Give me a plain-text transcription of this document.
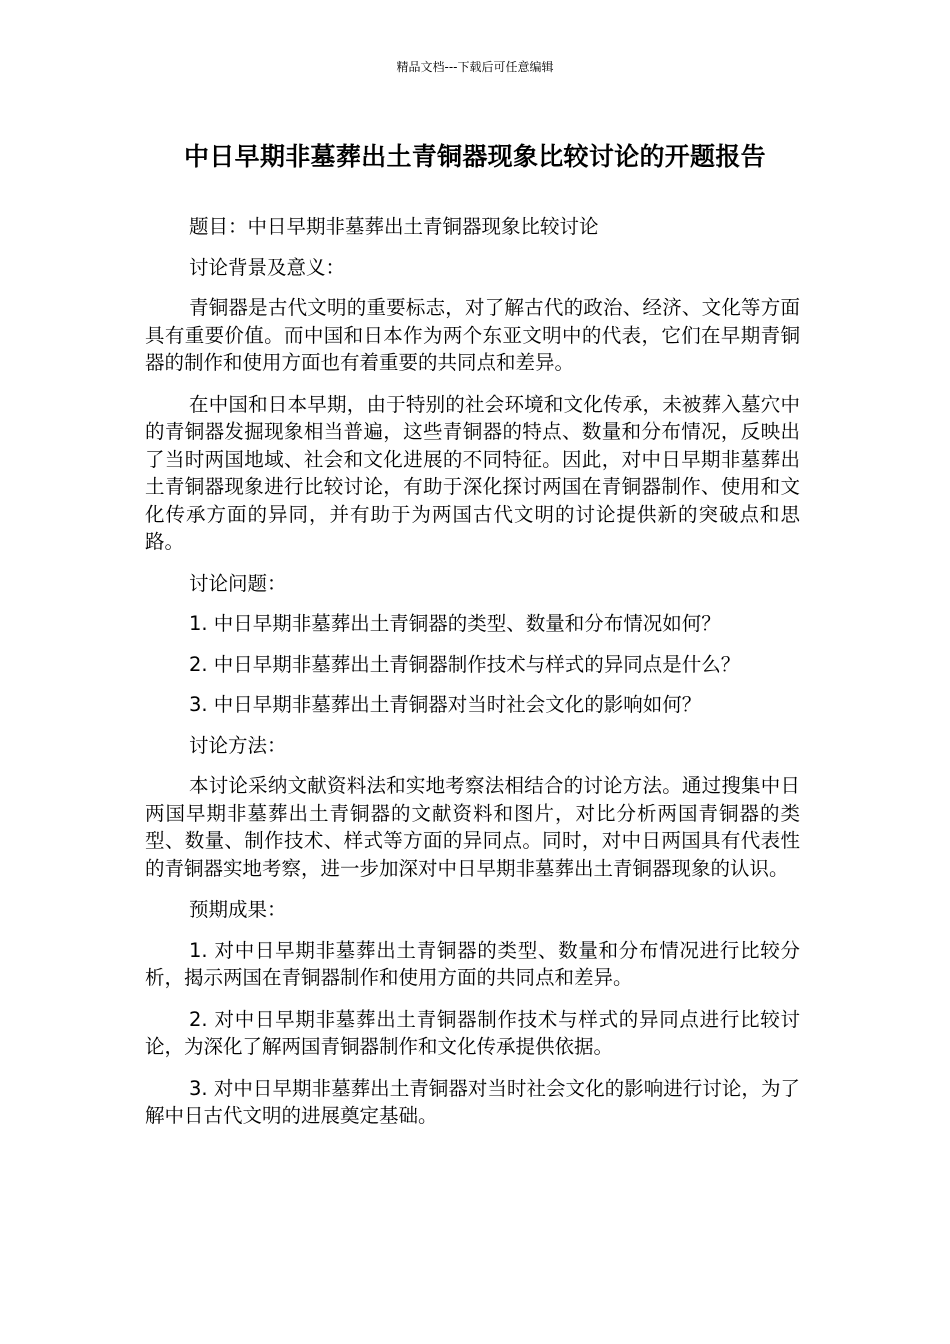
精品文档---下载后可任意编辑
中日早期非墓葬出土青铜器现象比较讨论的开题报告

题目：中日早期非墓葬出土青铜器现象比较讨论

讨论背景及意义：

青铜器是古代文明的重要标志，对了解古代的政治、经济、文化等方面具有重要价值。而中国和日本作为两个东亚文明中的代表，它们在早期青铜器的制作和使用方面也有着重要的共同点和差异。

在中国和日本早期，由于特别的社会环境和文化传承，未被葬入墓穴中的青铜器发掘现象相当普遍，这些青铜器的特点、数量和分布情况，反映出了当时两国地域、社会和文化进展的不同特征。因此，对中日早期非墓葬出土青铜器现象进行比较讨论，有助于深化探讨两国在青铜器制作、使用和文化传承方面的异同，并有助于为两国古代文明的讨论提供新的突破点和思路。

讨论问题：

1. 中日早期非墓葬出土青铜器的类型、数量和分布情况如何？

2. 中日早期非墓葬出土青铜器制作技术与样式的异同点是什么？

3. 中日早期非墓葬出土青铜器对当时社会文化的影响如何？

讨论方法：

本讨论采纳文献资料法和实地考察法相结合的讨论方法。通过搜集中日两国早期非墓葬出土青铜器的文献资料和图片，对比分析两国青铜器的类型、数量、制作技术、样式等方面的异同点。同时，对中日两国具有代表性的青铜器实地考察，进一步加深对中日早期非墓葬出土青铜器现象的认识。

预期成果：

1. 对中日早期非墓葬出土青铜器的类型、数量和分布情况进行比较分析，揭示两国在青铜器制作和使用方面的共同点和差异。

2. 对中日早期非墓葬出土青铜器制作技术与样式的异同点进行比较讨论，为深化了解两国青铜器制作和文化传承提供依据。

3. 对中日早期非墓葬出土青铜器对当时社会文化的影响进行讨论，为了解中日古代文明的进展奠定基础。
